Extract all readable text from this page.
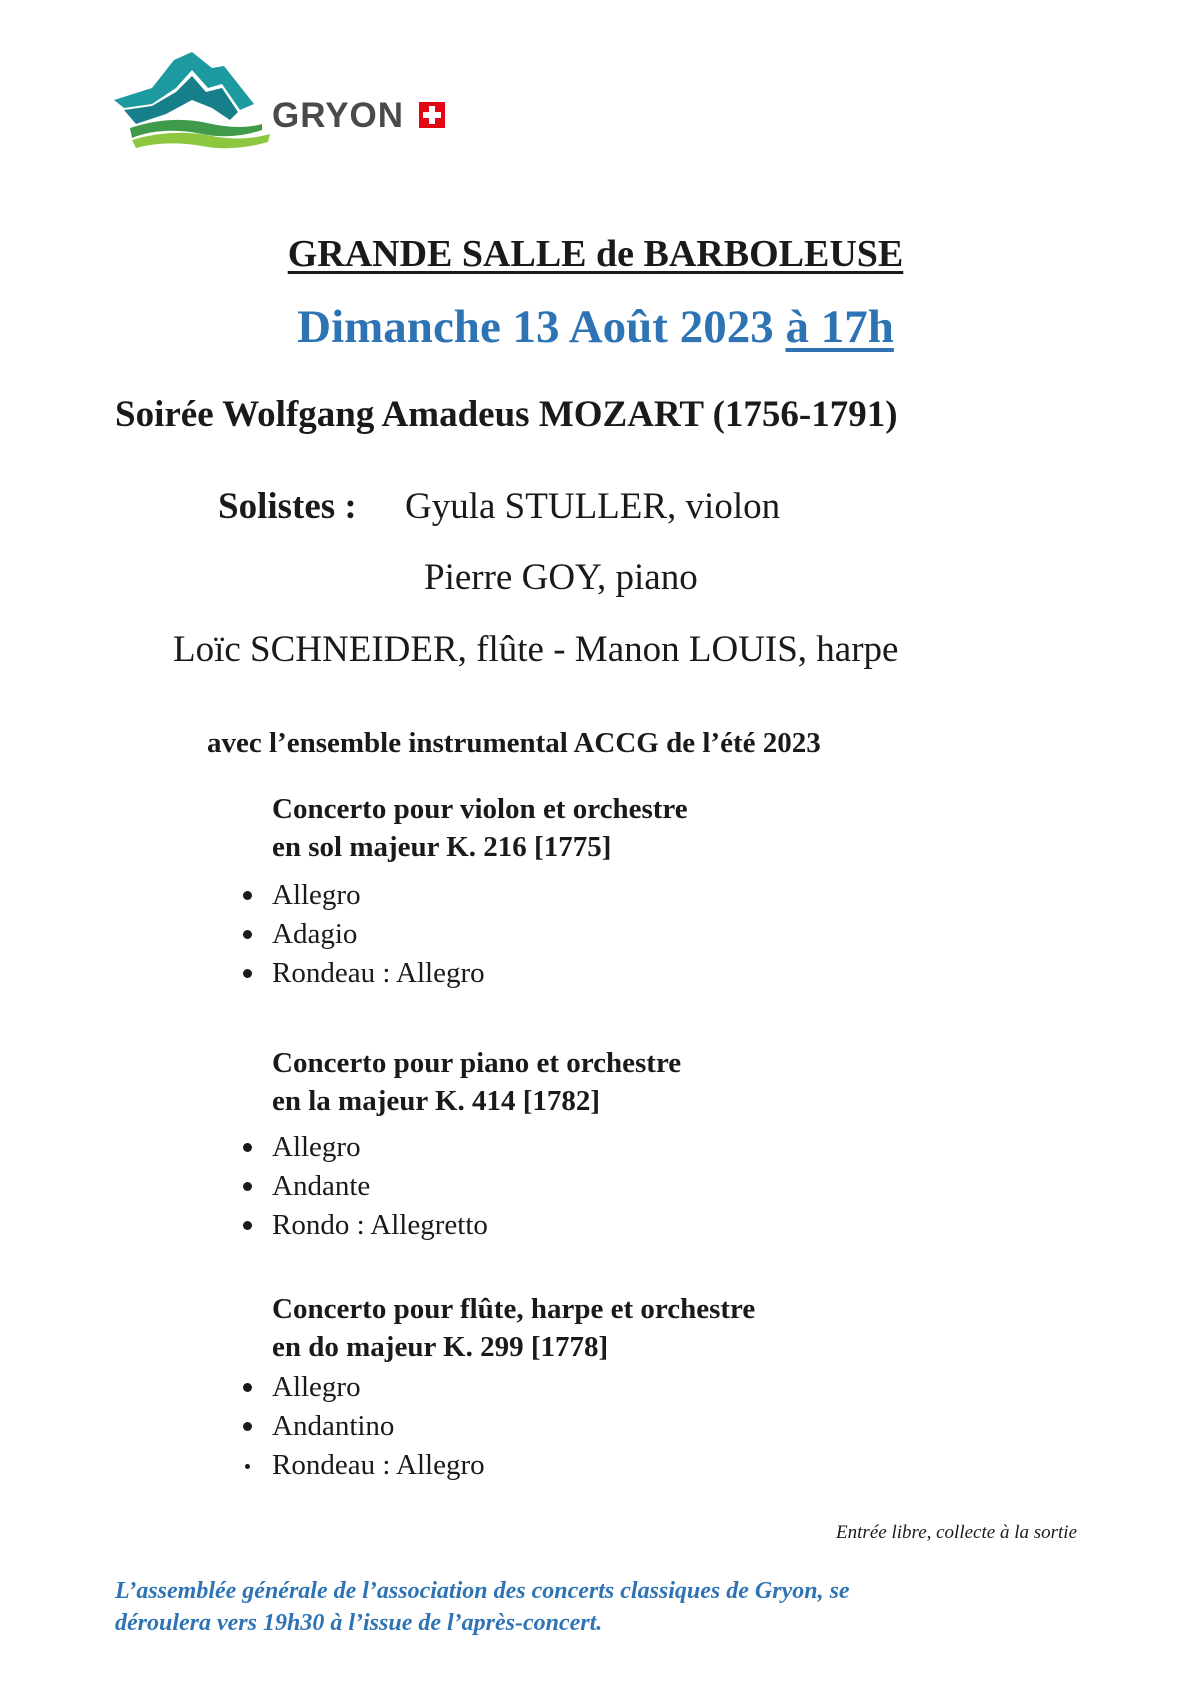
GRYON
GRANDE SALLE de BARBOLEUSE
Dimanche 13 Août 2023 à 17h
Soirée Wolfgang Amadeus MOZART (1756-1791)
Solistes : Gyula STULLER, violon
Pierre GOY, piano
Loïc SCHNEIDER, flûte - Manon LOUIS, harpe
avec l’ensemble instrumental ACCG de l’été 2023
Concerto pour violon et orchestre
en sol majeur K. 216 [1775]
Allegro
Adagio
Rondeau : Allegro
Concerto pour piano et orchestre
en la majeur K. 414 [1782]
Allegro
Andante
Rondo : Allegretto
Concerto pour flûte, harpe et orchestre
en do majeur K. 299 [1778]
Allegro
Andantino
Rondeau : Allegro
Entrée libre, collecte à la sortie
L’assemblée générale de l’association des concerts classiques de Gryon, se
déroulera vers 19h30 à l’issue de l’après-concert.
